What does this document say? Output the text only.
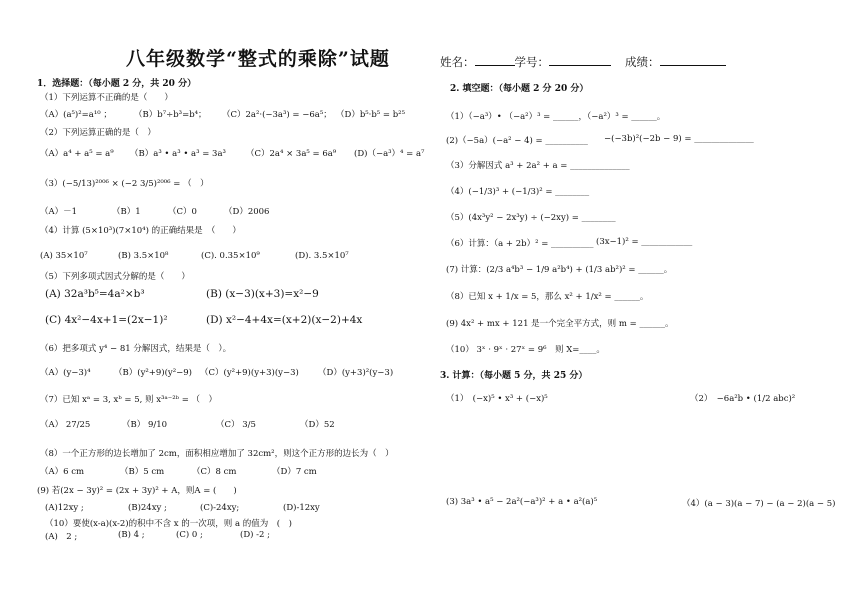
八年级数学“整式的乘除”试题	姓名：	学号：	成绩：
1．选择题：（每小题 2 分，共 20 分）
（1）下列运算不正确的是（　　）
（A）(a⁵)²=a¹⁰ ；	（B）b⁷÷b³=b⁴； （C）2a²·(−3a³) = −6a⁵； （D）b⁵·b⁵ = b²⁵
（2）下列运算正确的是（　）
（A）a⁴ + a⁵ = a⁹ （B）a³ • a³ • a³ = 3a³ （C）2a⁴ × 3a⁵ = 6a⁹ (D)（−a³）⁴ = a⁷
（3）(−5/13)²⁰⁰⁶ × (−2 3/5)²⁰⁰⁶ = （　）
（A）－1	（B）1	（C）0	（D）2006
（4）计算 (5×10³)(7×10⁴) 的正确结果是　（　　）
(A) 35×10⁷	(B) 3.5×10⁸	(C). 0.35×10⁹	(D). 3.5×10⁷
（5）下列多项式因式分解的是（　　）
(A) 32a³b⁵=4a²×b³	(B) (x−3)(x+3)=x²−9
(C) 4x²−4x+1=(2x−1)²	(D) x²−4+4x=(x+2)(x−2)+4x
（6）把多项式 y⁴ − 81 分解因式，结果是（　）。
（A）(y−3)⁴	（B）(y²+9)(y²−9) （C）(y²+9)(y+3)(y−3) （D）(y+3)²(y−3)
（7）已知 xᵃ = 3, xᵇ = 5, 则 x³ᵃ⁻²ᵇ = （　）
（A） 27/25	（B） 9/10	（C） 3/5	（D）52
（8）一个正方形的边长增加了 2cm，面积相应增加了 32cm²，则这个正方形的边长为（　）
（A）6 cm	（B）5 cm	（C）8 cm	（D）7 cm
(9) 若(2x − 3y)² = (2x + 3y)² + A，则A = (　　)
(A)12xy ;	(B)24xy ;	(C)-24xy;	(D)-12xy
（10）要使(x-a)(x-2)的积中不含 x 的一次项，则 a 的值为　(　)
(A)　2 ;	(B) 4 ;	(C) 0 ;	(D) -2 ;
2. 填空题：（每小题 2 分 20 分）
（1）（−a³）• （−a²）³ = ______，（−a²）³ = ______。
(2)（−5a）(−a² − 4) = __________ −(−3b)²(−2b − 9) = ______________
（3）分解因式 a³ + 2a² + a = ______________
（4）(−1/3)³ + (−1/3)² = ________
（5）(4x³y² − 2x³y) ÷ (−2xy) = ________
（6）计算：（a + 2b）² = __________ (3x−1)² = ____________
(7) 计算：(2/3 a⁴b³ − 1/9 a²b⁴) + (1/3 ab²)² = ______。
（8）已知 x + 1/x = 5，那么 x² + 1/x² = ______。
(9) 4x² + mx + 121 是一个完全平方式，则 m = ______。
（10） 3ˣ · 9ˣ · 27ˣ = 9⁶　则 X=____。
3. 计算：（每小题 5 分，共 25 分）
（1）　(−x)⁵ • x³ + (−x)⁵	（2）　−6a²b • (1/2 abc)²
(3) 3a³ • a⁵ − 2a²(−a³)² + a • a²(a)⁵	（4）(a − 3)(a − 7) − (a − 2)(a − 5)
